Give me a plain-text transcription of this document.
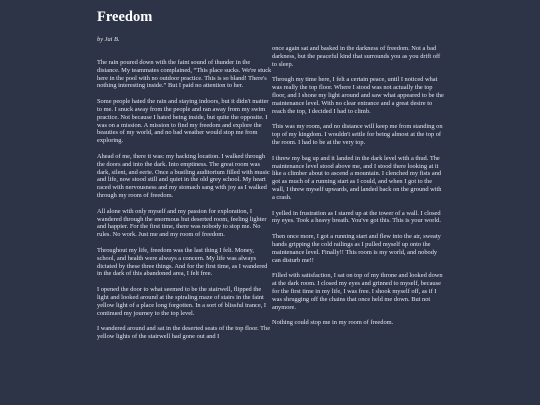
Freedom
by Jai B.

The rain poured down with the faint sound of thunder in the distance. My teammates complained, “This place sucks. We're stuck here in the pool with no outdoor practice. This is so bland! There's nothing interesting inside.” But I paid no attention to her.

Some people hated the rain and staying indoors, but it didn't matter to me. I snuck away from the people and ran away from my swim practice. Not because I hated being inside, but quite the opposite. I was on a mission. A mission to find my freedom and explore the beauties of my world, and no bad weather would stop me from exploring.

Ahead of me, there it was: my hacking location. I walked through the doors and into the dark. Into emptiness. The great room was dark, silent, and eerie. Once a bustling auditorium filled with music and life, now stood still and quiet in the old grey school. My heart raced with nervousness and my stomach sang with joy as I walked through my room of freedom.

All alone with only myself and my passion for exploration, I wandered through the enormous but deserted room, feeling lighter and happier. For the first time, there was nobody to stop me. No rules. No work. Just me and my room of freedom.

Throughout my life, freedom was the last thing I felt. Money, school, and health were always a concern. My life was always dictated by these three things. And for the first time, as I wandered in the dark of this abandoned area, I felt free.

I opened the door to what seemed to be the stairwell, flipped the light and looked around at the spiraling maze of stairs in the faint yellow light of a place long forgotten. In a sort of blissful trance, I continued my journey to the top level.

I wandered around and sat in the deserted seats of the top floor. The yellow lights of the stairwell had gone out and I

once again sat and basked in the darkness of freedom. Not a bad darkness, but the peaceful kind that surrounds you as you drift off to sleep.

Through my time here, I felt a certain peace, until I noticed what was really the top floor. Where I stood was not actually the top floor, and I shone my light around and saw what appeared to be the maintenance level. With no clear entrance and a great desire to reach the top, I decided I had to climb.

This was my room, and no distance will keep me from standing on top of my kingdom. I wouldn't settle for being almost at the top of the room. I had to be at the very top.

I threw my bag up and it landed in the dark level with a thud. The maintenance level stood above me, and I stood there looking at it like a climber about to ascend a mountain. I clenched my fists and got as much of a running start as I could, and when I got to the wall, I threw myself upwards, and landed back on the ground with a crash.

I yelled in frustration as I stared up at the tower of a wall. I closed my eyes. Took a heavy breath. You've got this. This is your world.

Then once more, I got a running start and flew into the air, sweaty hands gripping the cold railings as I pulled myself up onto the maintenance level. Finally!! This room is my world, and nobody can disturb me!!

Filled with satisfaction, I sat on top of my throne and looked down at the dark room. I closed my eyes and grinned to myself, because for the first time in my life, I was free. I shook myself off, as if I was shrugging off the chains that once held me down. But not anymore.

Nothing could stop me in my room of freedom.
